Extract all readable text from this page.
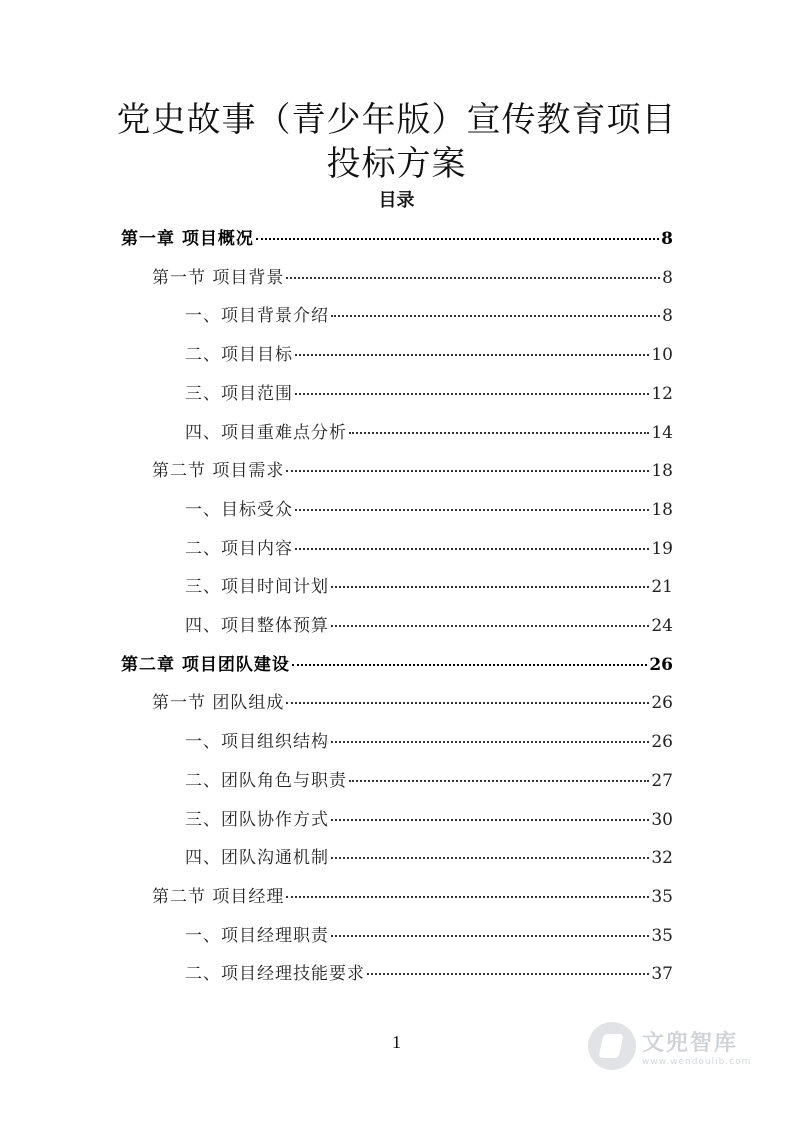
党史故事（青少年版）宣传教育项目
投标方案
目录
第一章 项目概况	8
第一节 项目背景	8
一、项目背景介绍	8
二、项目目标	10
三、项目范围	12
四、项目重难点分析	14
第二节 项目需求	18
一、目标受众	18
二、项目内容	19
三、项目时间计划	21
四、项目整体预算	24
第二章 项目团队建设	26
第一节 团队组成	26
一、项目组织结构	26
二、团队角色与职责	27
三、团队协作方式	30
四、团队沟通机制	32
第二节 项目经理	35
一、项目经理职责	35
二、项目经理技能要求	37
1	文兜智库
www.wendoulib.com
